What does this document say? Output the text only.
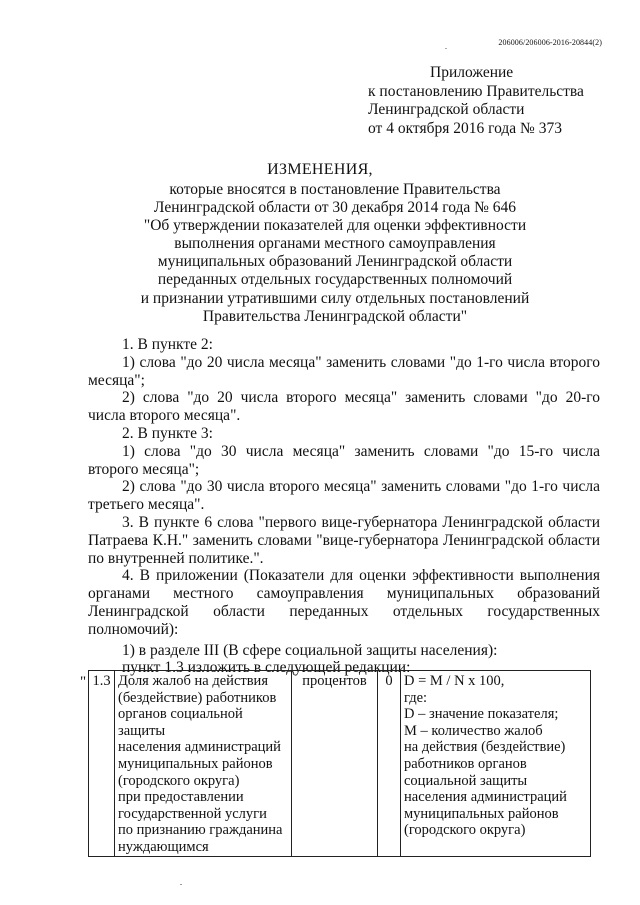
206006/206006-2016-20844(2)
Приложение
к постановлению Правительства
Ленинградской области
от 4 октября 2016 года № 373
ИЗМЕНЕНИЯ,
которые вносятся в постановление Правительства
Ленинградской области от 30 декабря 2014 года № 646
"Об утверждении показателей для оценки эффективности
выполнения органами местного самоуправления
муниципальных образований Ленинградской области
переданных отдельных государственных полномочий
и признании утратившими силу отдельных постановлений
Правительства Ленинградской области"
1. В пункте 2:
1) слова "до 20 числа месяца" заменить словами "до 1-го числа второго месяца";
2) слова "до 20 числа второго месяца" заменить словами "до 20-го числа второго месяца".
2. В пункте 3:
1) слова "до 30 числа месяца" заменить словами "до 15-го числа второго месяца";
2) слова "до 30 числа второго месяца" заменить словами "до 1-го числа третьего месяца".
3. В пункте 6 слова "первого вице-губернатора Ленинградской области Патраева К.Н." заменить словами "вице-губернатора Ленинградской области по внутренней политике.".
4. В приложении (Показатели для оценки эффективности выполнения
органами местного самоуправления муниципальных образований
Ленинградской области переданных отдельных государственных
полномочий):
1) в разделе III (В сфере социальной защиты населения):
пункт 1.3 изложить в следующей редакции:
" 1.3	Доля жалоб на действия
(бездействие) работников
органов социальной защиты
населения администраций
муниципальных районов
(городского округа)
при предоставлении
государственной услуги
по признанию гражданина
нуждающимся
	процентов	0	D = M / N x 100,
где:
D – значение показателя;
M – количество жалоб
на действия (бездействие)
работников органов
социальной защиты
населения администраций
муниципальных районов
(городского округа)
